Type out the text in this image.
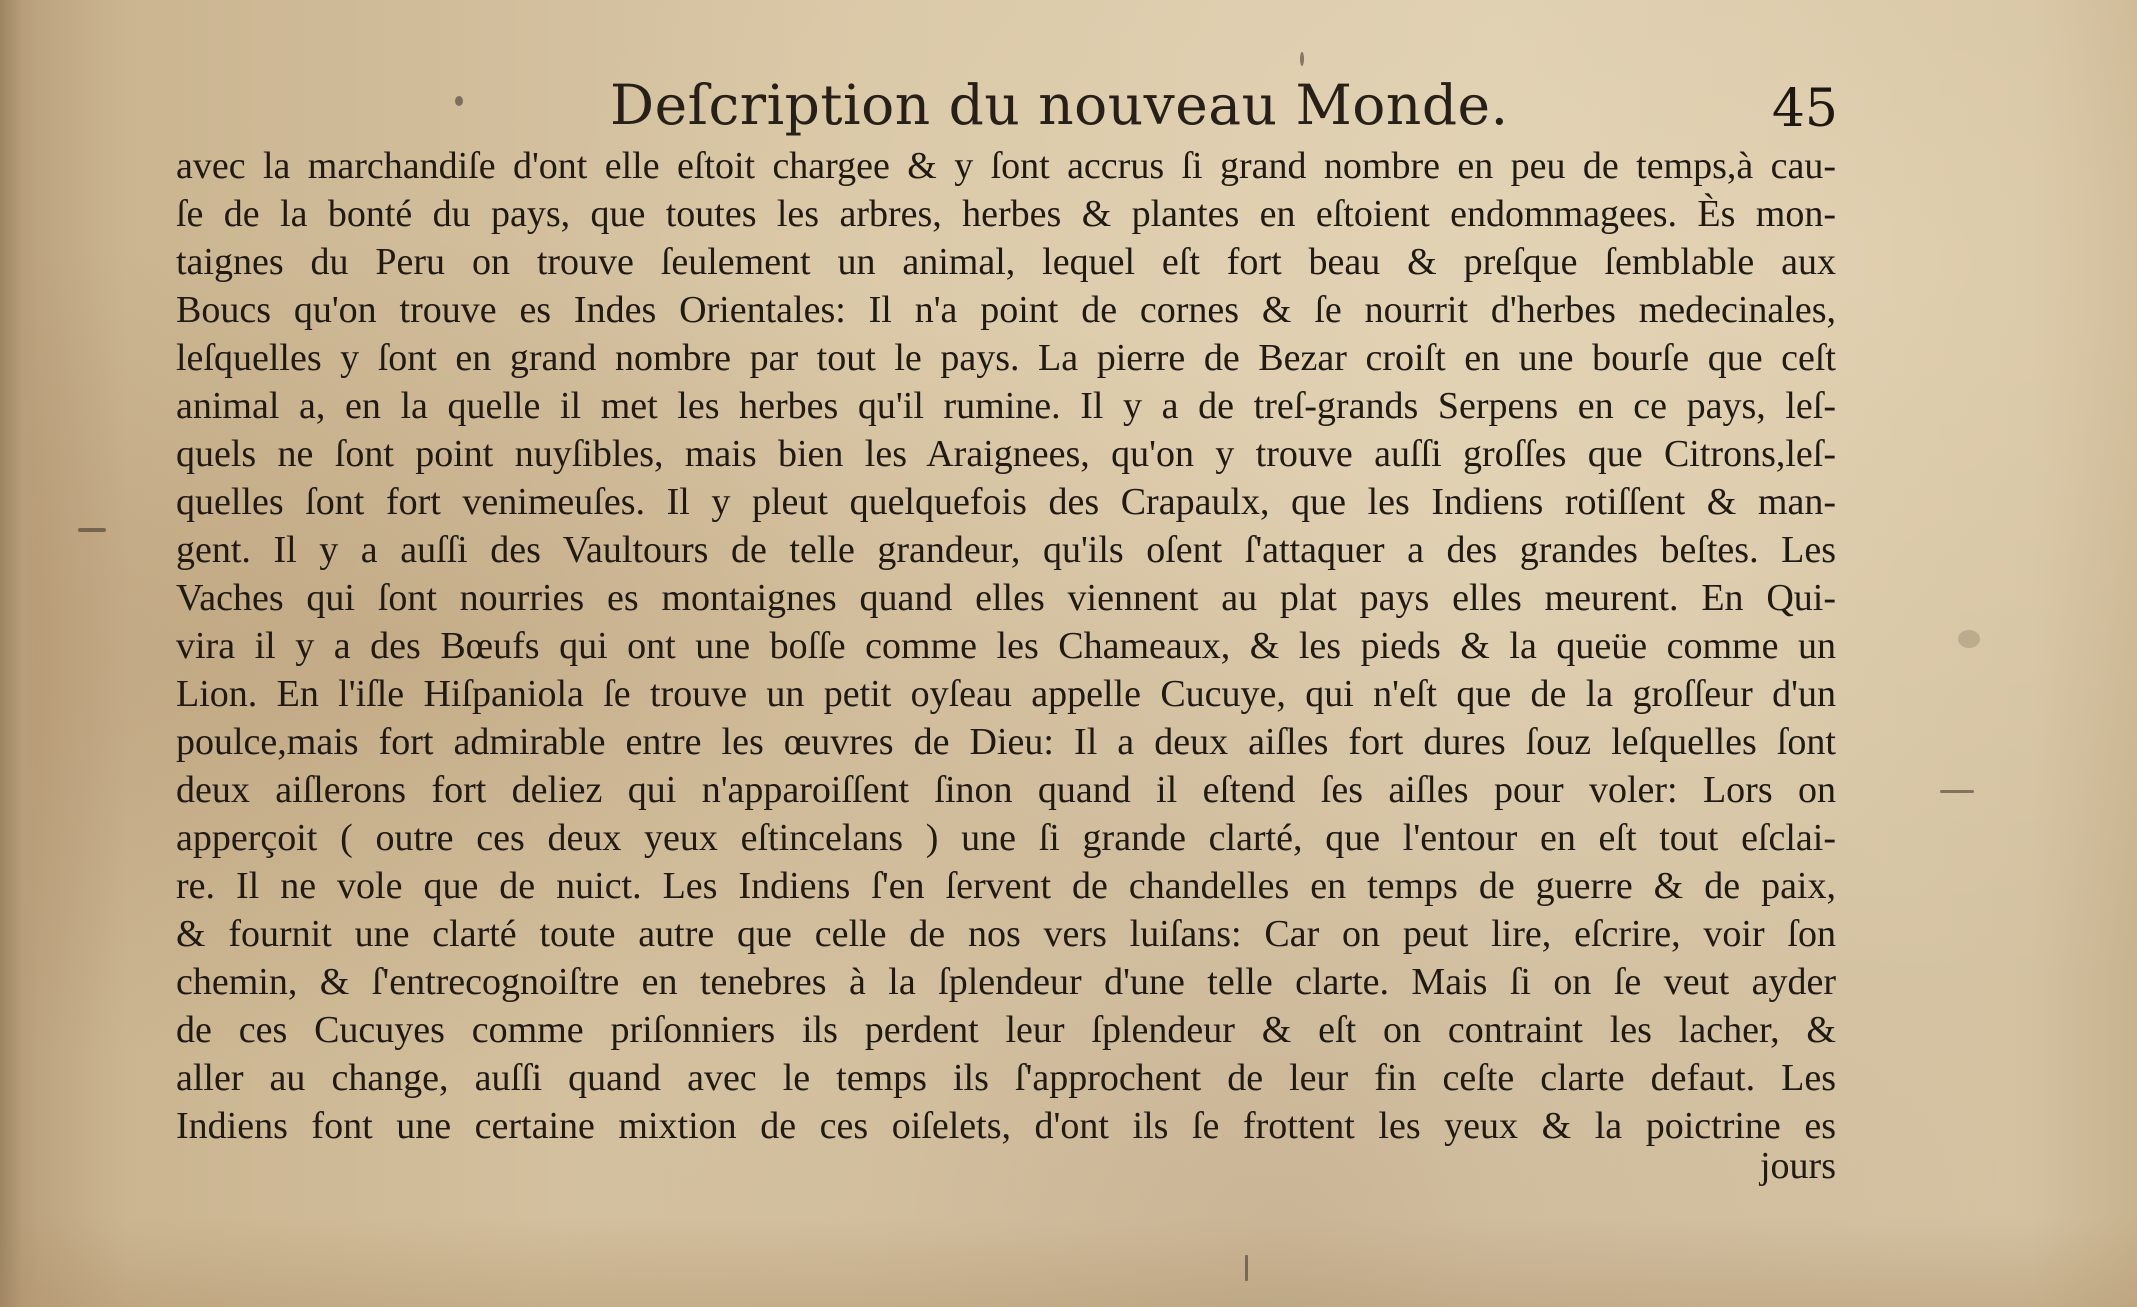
Deſcription du nouveau Monde.	45
avec la marchandiſe d'ont elle eſtoit chargee & y ſont accrus ſi grand nombre en peu de temps,à cau-
ſe de la bonté du pays, que toutes les arbres, herbes & plantes en eſtoient endommagees. Ès mon-
taignes du Peru on trouve ſeulement un animal, lequel eſt fort beau & preſque ſemblable aux
Boucs qu'on trouve es Indes Orientales: Il n'a point de cornes & ſe nourrit d'herbes medecinales,
leſquelles y ſont en grand nombre par tout le pays. La pierre de Bezar croiſt en une bourſe que ceſt
animal a, en la quelle il met les herbes qu'il rumine. Il y a de treſ-grands Serpens en ce pays, leſ-
quels ne ſont point nuyſibles, mais bien les Araignees, qu'on y trouve auſſi groſſes que Citrons,leſ-
quelles ſont fort venimeuſes. Il y pleut quelquefois des Crapaulx, que les Indiens rotiſſent & man-
gent. Il y a auſſi des Vaultours de telle grandeur, qu'ils oſent ſ'attaquer a des grandes beſtes. Les
Vaches qui ſont nourries es montaignes quand elles viennent au plat pays elles meurent. En Qui-
vira il y a des Bœufs qui ont une boſſe comme les Chameaux, & les pieds & la queüe comme un
Lion. En l'iſle Hiſpaniola ſe trouve un petit oyſeau appelle Cucuye, qui n'eſt que de la groſſeur d'un
poulce,mais fort admirable entre les œuvres de Dieu: Il a deux aiſles fort dures ſouz leſquelles ſont
deux aiſlerons fort deliez qui n'apparoiſſent ſinon quand il eſtend ſes aiſles pour voler: Lors on
apperçoit ( outre ces deux yeux eſtincelans ) une ſi grande clarté, que l'entour en eſt tout eſclai-
re. Il ne vole que de nuict. Les Indiens ſ'en ſervent de chandelles en temps de guerre & de paix,
& fournit une clarté toute autre que celle de nos vers luiſans: Car on peut lire, eſcrire, voir ſon
chemin, & ſ'entrecognoiſtre en tenebres à la ſplendeur d'une telle clarte. Mais ſi on ſe veut ayder
de ces Cucuyes comme priſonniers ils perdent leur ſplendeur & eſt on contraint les lacher, &
aller au change, auſſi quand avec le temps ils ſ'approchent de leur fin ceſte clarte defaut. Les
Indiens font une certaine mixtion de ces oiſelets, d'ont ils ſe frottent les yeux & la poictrine es
jours
